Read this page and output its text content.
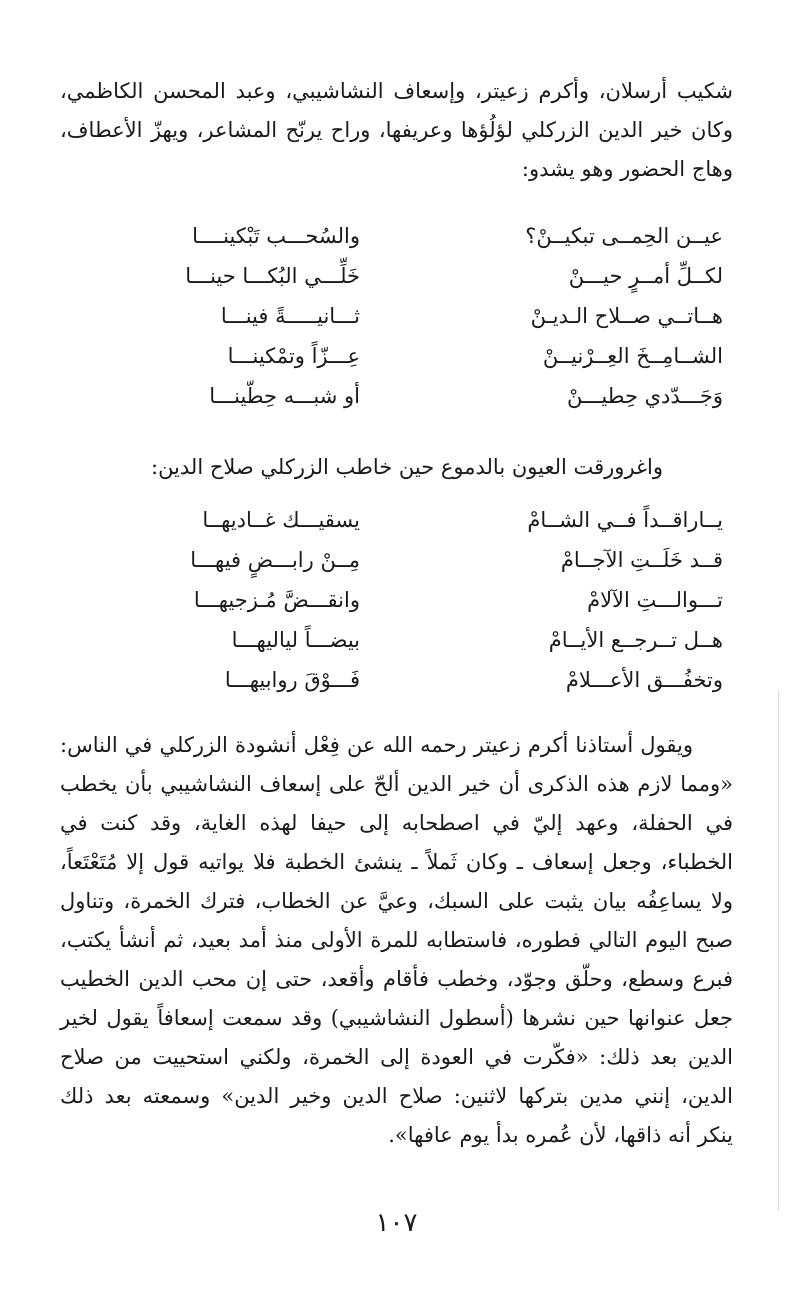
شكيب أرسلان، وأكرم زعيتر، وإسعاف النشاشيبي، وعبد المحسن الكاظمي،
وكان خير الدين الزركلي لؤلُؤها وعريفها، وراح يرنّح المشاعر، ويهزّ الأعطاف،
وهاج الحضور وهو يشدو:
عيــن الحِمــى تبكيــنْ؟
والسُحـــب تَبْكينــــا
لكــلِّ أمــرٍ حيـــنْ
خَلِّـــي البُكـــا حينـــا
هــاتــي صــلاح الـديـنْ
ثـــانيـــــةً فينـــا
الشــامِــخَ العِــرْنيــنْ
عِـــزّاً وتمْكينـــا
وَجَـــدّدي حِطيـــنْ
أو شبـــه حِطّينـــا
واغرورقت العيون بالدموع حين خاطب الزركلي صلاح الدين:
يــاراقــداً فــي الشــامْ
يسقيـــك غــاديهــا
قــد خَلَــتِ الآجــامْ
مِــنْ رابـــضٍ فيهـــا
تـــوالـــتِ الآلامْ
وانقـــضَّ مُـزجيهـــا
هــل تــرجــع الأيــامْ
بيضـــاً لياليهـــا
وتخفُـــق الأعـــلامْ
فَـــوْقَ روابيهـــا
ويقول أستاذنا أكرم زعيتر رحمه الله عن فِعْل أنشودة الزركلي في الناس:
«ومما لازم هذه الذكرى أن خير الدين ألحّ على إسعاف النشاشيبي بأن يخطب
في الحفلة، وعهد إليّ في اصطحابه إلى حيفا لهذه الغاية، وقد كنت في
الخطباء، وجعل إسعاف ـ وكان ثَملاً ـ ينشئ الخطبة فلا يواتيه قول إلا مُتَعْتَعاً،
ولا يساعِفُه بيان يثبت على السبك، وعيَّ عن الخطاب، فترك الخمرة، وتناول
صبح اليوم التالي فطوره، فاستطابه للمرة الأولى منذ أمد بعيد، ثم أنشأ يكتب،
فبرع وسطع، وحلّق وجوّد، وخطب فأقام وأقعد، حتى إن محب الدين الخطيب
جعل عنوانها حين نشرها (أسطول النشاشيبي) وقد سمعت إسعافاً يقول لخير
الدين بعد ذلك: «فكّرت في العودة إلى الخمرة، ولكني استحييت من صلاح
الدين، إنني مدين بتركها لاثنين: صلاح الدين وخير الدين» وسمعته بعد ذلك
ينكر أنه ذاقها، لأن عُمره بدأ يوم عافها».
١٠٧
